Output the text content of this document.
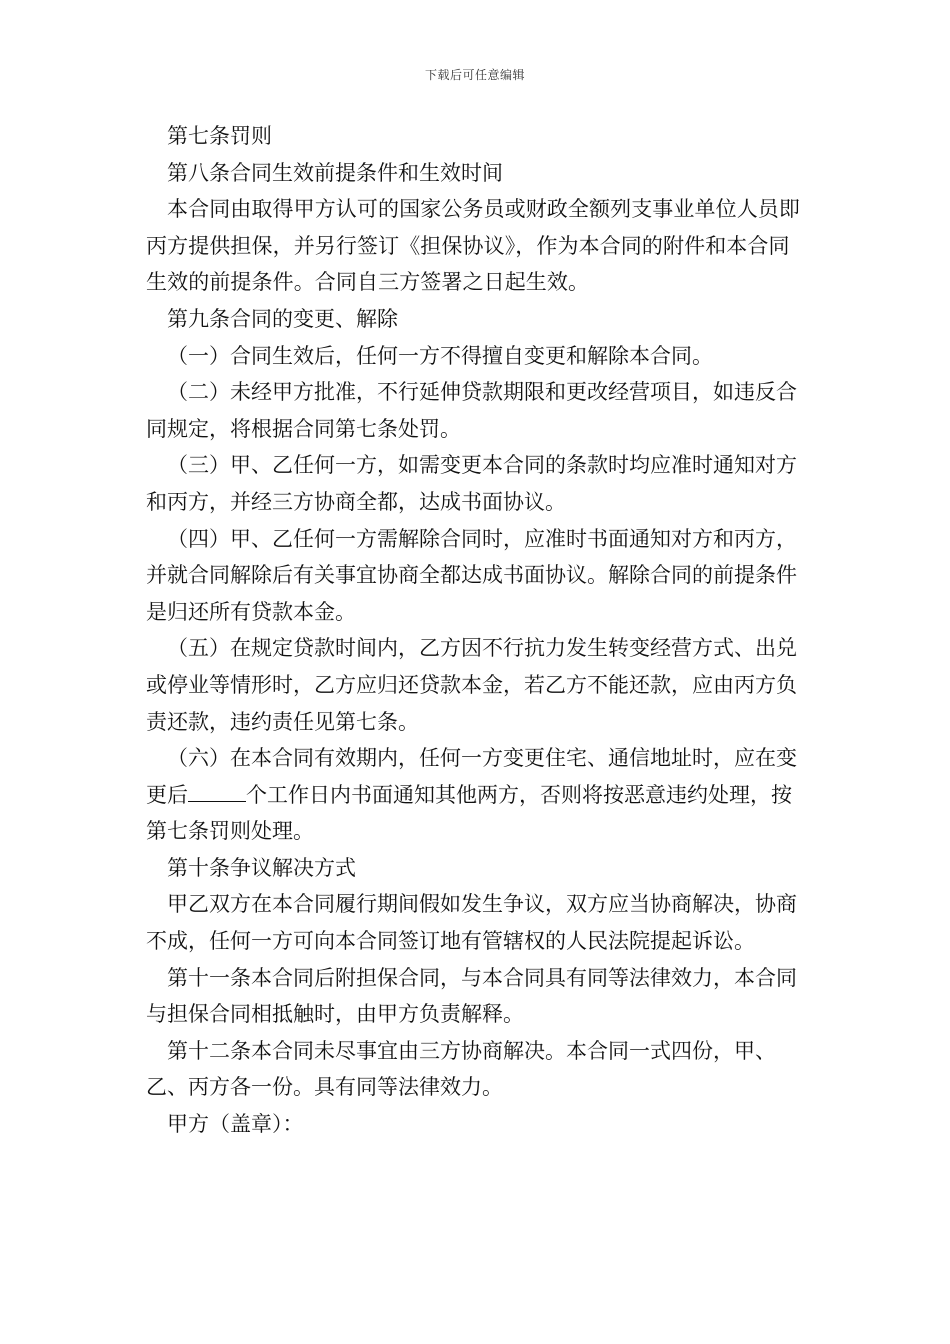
下载后可任意编辑

第七条罚则

第八条合同生效前提条件和生效时间

本合同由取得甲方认可的国家公务员或财政全额列支事业单位人员即丙方提供担保，并另行签订《担保协议》，作为本合同的附件和本合同生效的前提条件。合同自三方签署之日起生效。

第九条合同的变更、解除

（一）合同生效后，任何一方不得擅自变更和解除本合同。

（二）未经甲方批准，不行延伸贷款期限和更改经营项目，如违反合同规定，将根据合同第七条处罚。

（三）甲、乙任何一方，如需变更本合同的条款时均应准时通知对方和丙方，并经三方协商全都，达成书面协议。

（四）甲、乙任何一方需解除合同时，应准时书面通知对方和丙方，并就合同解除后有关事宜协商全都达成书面协议。解除合同的前提条件是归还所有贷款本金。

（五）在规定贷款时间内，乙方因不行抗力发生转变经营方式、出兑或停业等情形时，乙方应归还贷款本金，若乙方不能还款，应由丙方负责还款，违约责任见第七条。

（六）在本合同有效期内，任何一方变更住宅、通信地址时，应在变更后	个工作日内书面通知其他两方，否则将按恶意违约处理，按第七条罚则处理。

第十条争议解决方式

甲乙双方在本合同履行期间假如发生争议，双方应当协商解决，协商不成，任何一方可向本合同签订地有管辖权的人民法院提起诉讼。

第十一条本合同后附担保合同，与本合同具有同等法律效力，本合同与担保合同相抵触时，由甲方负责解释。

第十二条本合同未尽事宜由三方协商解决。本合同一式四份，甲、乙、丙方各一份。具有同等法律效力。

甲方（盖章）：
